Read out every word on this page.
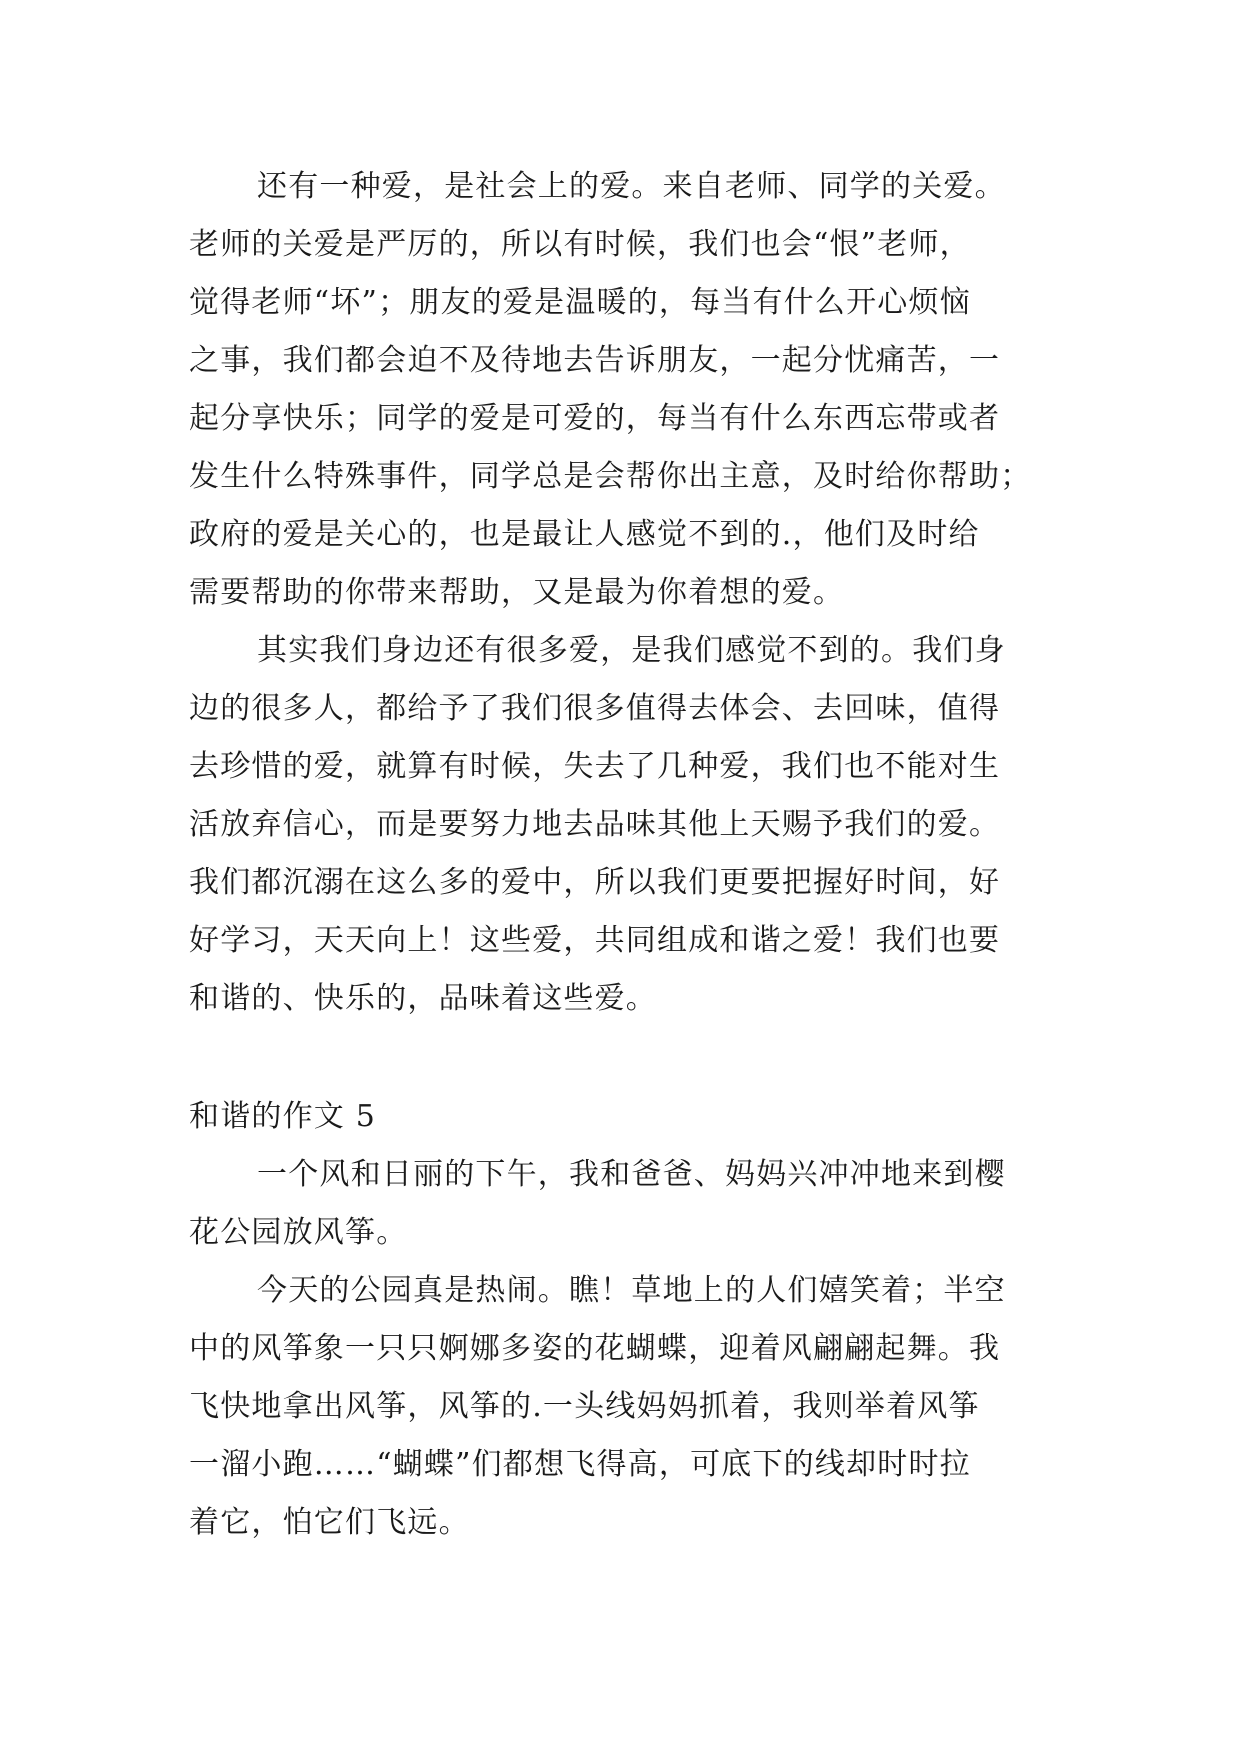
还有一种爱，是社会上的爱。来自老师、同学的关爱。
老师的关爱是严厉的，所以有时候，我们也会“恨”老师，
觉得老师“坏”；朋友的爱是温暖的，每当有什么开心烦恼
之事，我们都会迫不及待地去告诉朋友，一起分忧痛苦，一
起分享快乐；同学的爱是可爱的，每当有什么东西忘带或者
发生什么特殊事件，同学总是会帮你出主意，及时给你帮助；
政府的爱是关心的，也是最让人感觉不到的.，他们及时给
需要帮助的你带来帮助，又是最为你着想的爱。
其实我们身边还有很多爱，是我们感觉不到的。我们身
边的很多人，都给予了我们很多值得去体会、去回味，值得
去珍惜的爱，就算有时候，失去了几种爱，我们也不能对生
活放弃信心，而是要努力地去品味其他上天赐予我们的爱。
我们都沉溺在这么多的爱中，所以我们更要把握好时间，好
好学习，天天向上！这些爱，共同组成和谐之爱！我们也要
和谐的、快乐的，品味着这些爱。
和谐的作文 5
一个风和日丽的下午，我和爸爸、妈妈兴冲冲地来到樱
花公园放风筝。
今天的公园真是热闹。瞧！草地上的人们嬉笑着；半空
中的风筝象一只只婀娜多姿的花蝴蝶，迎着风翩翩起舞。我
飞快地拿出风筝，风筝的.一头线妈妈抓着，我则举着风筝
一溜小跑……“蝴蝶”们都想飞得高，可底下的线却时时拉
着它，怕它们飞远。
